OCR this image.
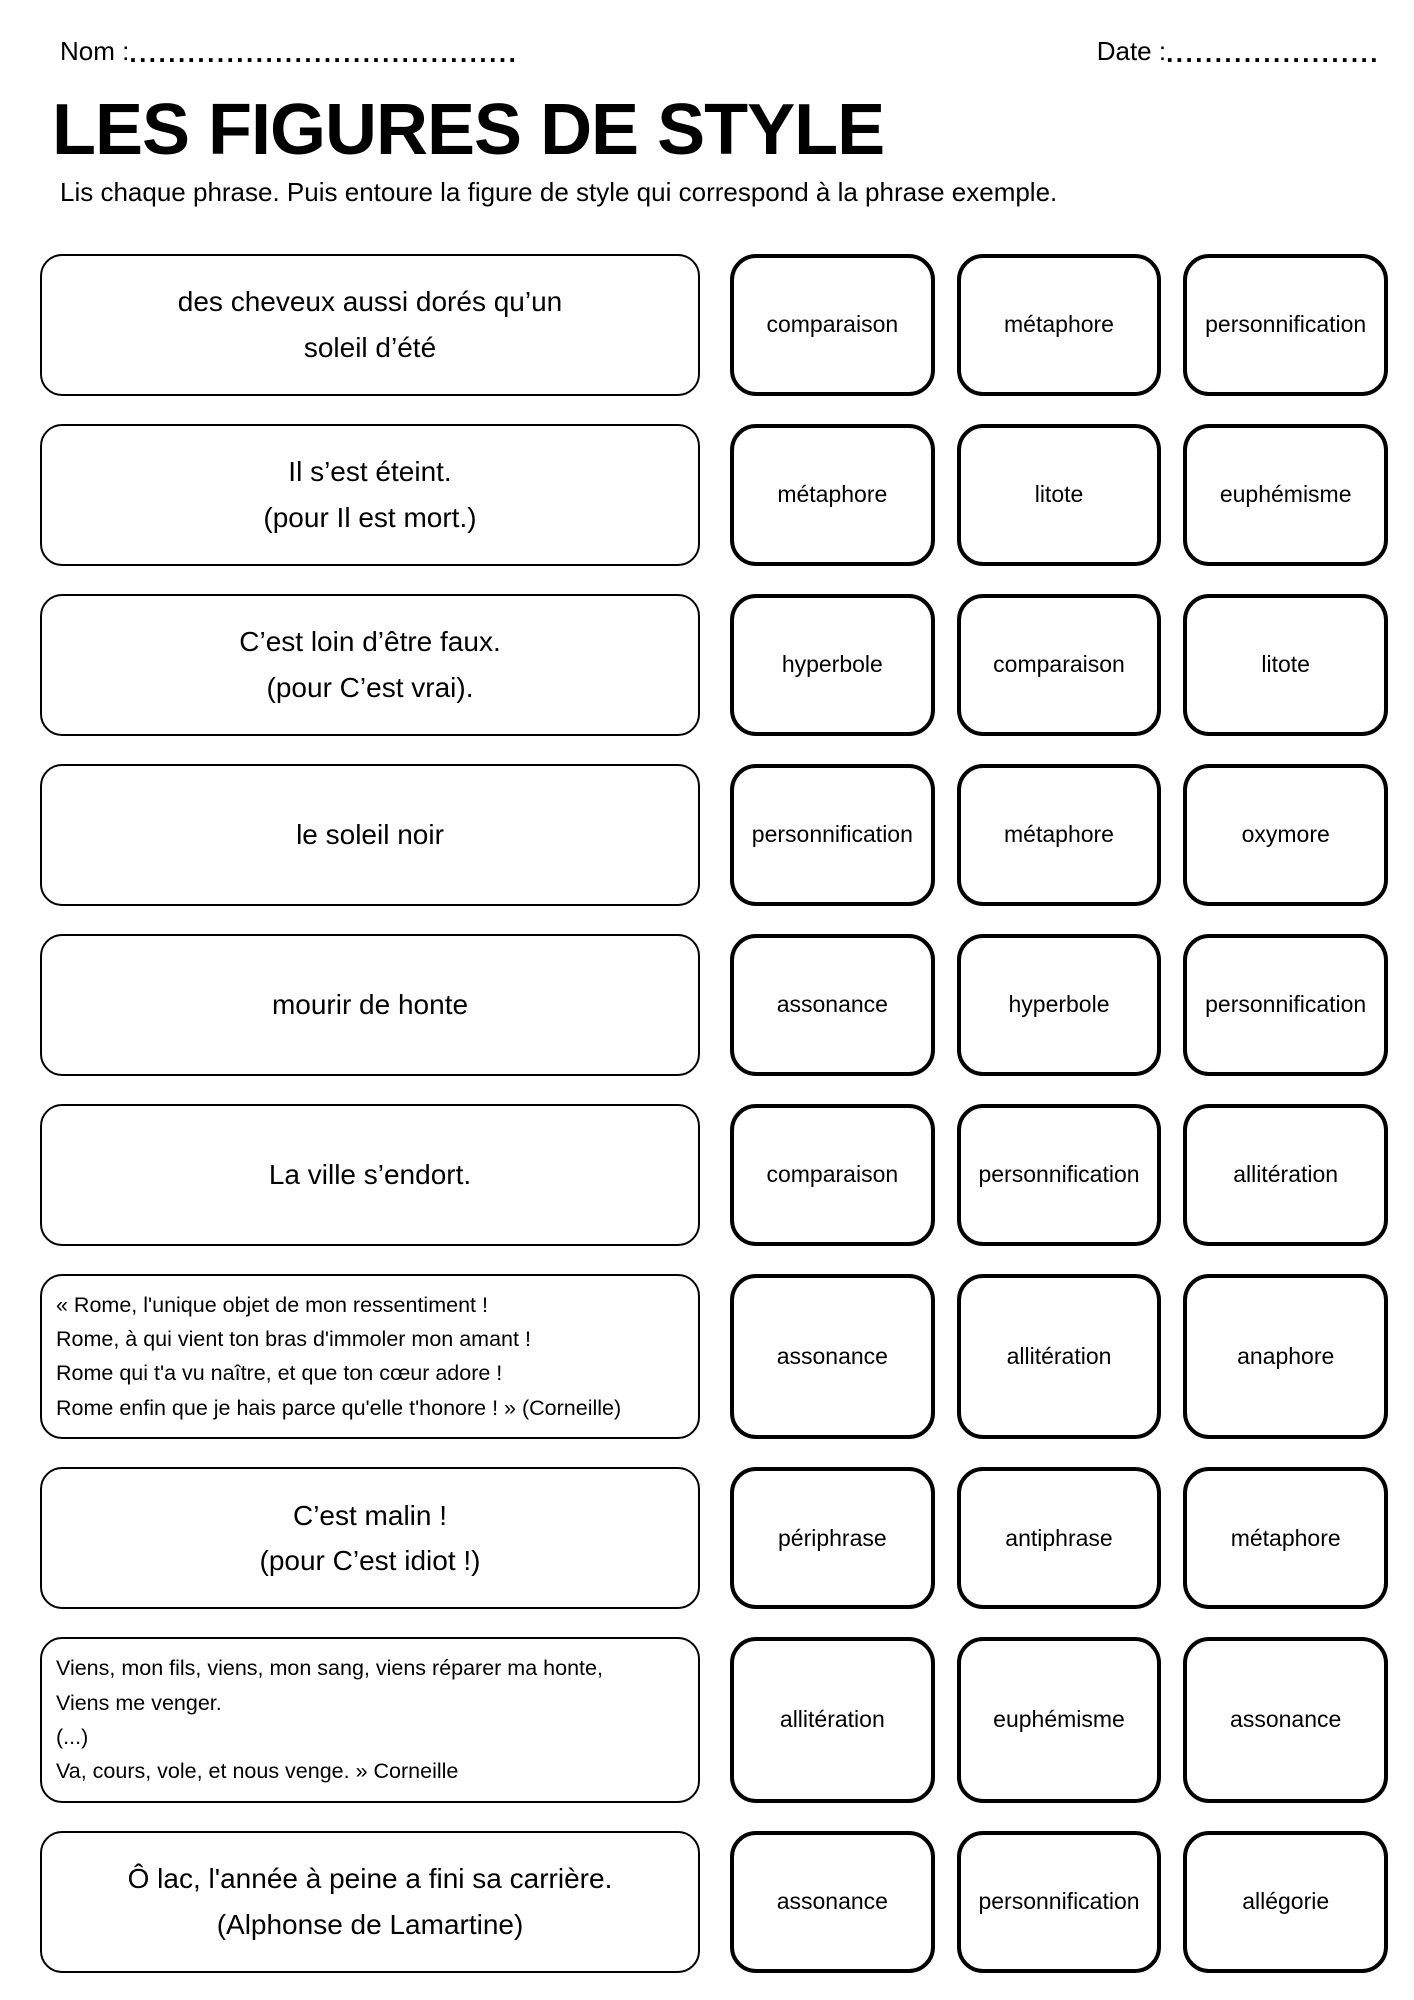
Nom : ........................................	Date : ......................
LES FIGURES DE STYLE

Lis chaque phrase. Puis entoure la figure de style qui correspond à la phrase exemple.

des cheveux aussi dorés qu’un
soleil d’été
comparaison	métaphore	personnification
Il s’est éteint.
(pour Il est mort.)
métaphore	litote	euphémisme
C’est loin d’être faux.
(pour C’est vrai).
hyperbole	comparaison	litote
le soleil noir	personnification	métaphore	oxymore
mourir de honte	assonance	hyperbole	personnification
La ville s’endort.	comparaison	personnification	allitération
« Rome, l'unique objet de mon ressentiment !
Rome, à qui vient ton bras d'immoler mon amant !
Rome qui t'a vu naître, et que ton cœur adore !
Rome enfin que je hais parce qu'elle t'honore ! » (Corneille)
assonance	allitération	anaphore
C’est malin !
(pour C’est idiot !)
périphrase	antiphrase	métaphore
Viens, mon fils, viens, mon sang, viens réparer ma honte,
Viens me venger.
(...)
Va, cours, vole, et nous venge. » Corneille
allitération	euphémisme	assonance
Ô lac, l'année à peine a fini sa carrière.
(Alphonse de Lamartine)
assonance	personnification	allégorie
